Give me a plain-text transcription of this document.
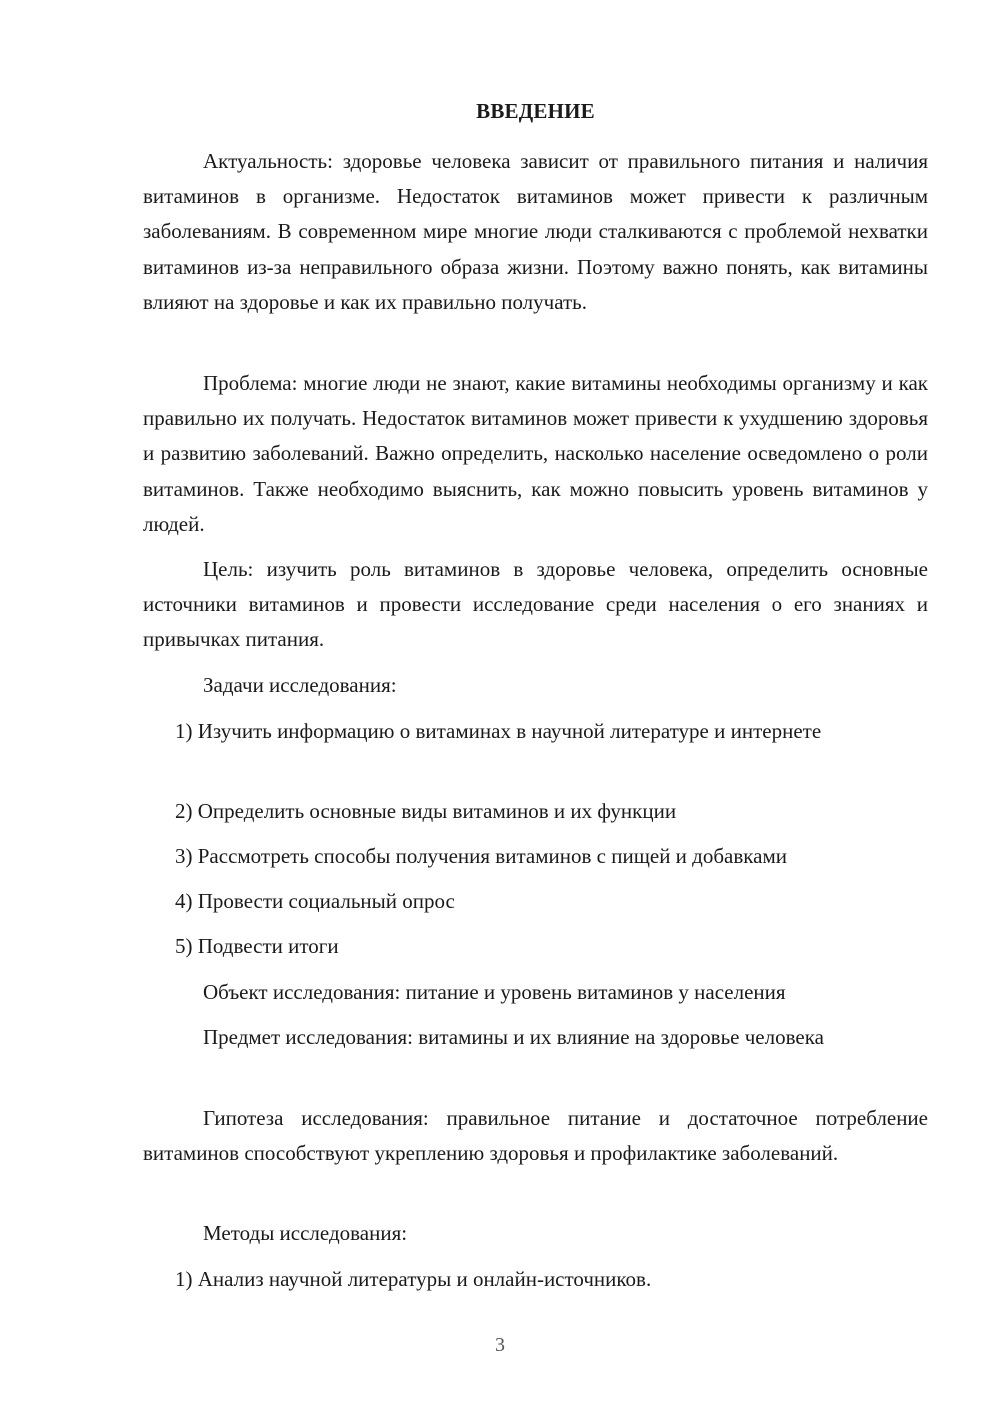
ВВЕДЕНИЕ

Актуальность: здоровье человека зависит от правильного питания и наличия витаминов в организме. Недостаток витаминов может привести к различным заболеваниям. В современном мире многие люди сталкиваются с проблемой нехватки витаминов из-за неправильного образа жизни. Поэтому важно понять, как витамины влияют на здоровье и как их правильно получать.

Проблема: многие люди не знают, какие витамины необходимы организму и как правильно их получать. Недостаток витаминов может привести к ухудшению здоровья и развитию заболеваний. Важно определить, насколько население осведомлено о роли витаминов. Также необходимо выяснить, как можно повысить уровень витаминов у людей.

Цель: изучить роль витаминов в здоровье человека, определить основные источники витаминов и провести исследование среди населения о его знаниях и привычках питания.

Задачи исследования:

1) Изучить информацию о витаминах в научной литературе и интернете

2) Определить основные виды витаминов и их функции

3) Рассмотреть способы получения витаминов с пищей и добавками

4) Провести социальный опрос

5) Подвести итоги

Объект исследования: питание и уровень витаминов у населения

Предмет исследования: витамины и их влияние на здоровье человека

Гипотеза исследования: правильное питание и достаточное потребление витаминов способствуют укреплению здоровья и профилактике заболеваний.

Методы исследования:

1) Анализ научной литературы и онлайн-источников.

3
